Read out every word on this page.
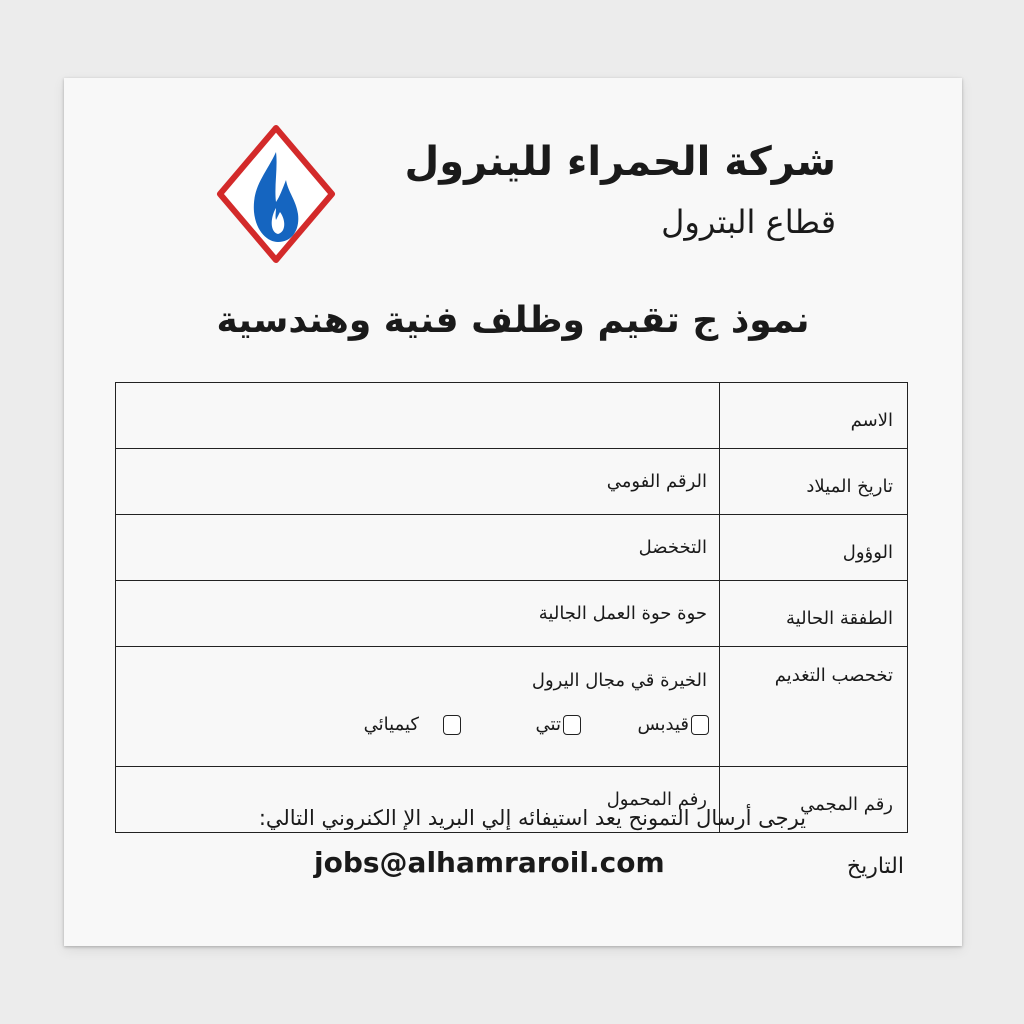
شركة الحمراء للينرول
قطاع البترول
نموذ ج تقيم وظلف فنية وهندسية
الاسم	
تاريخ الميلاد	الرقم الفومي
الوؤول	التخخضل
الطفقة الحالية	حوة حوة العمل الجالية
تخحصب التغديم	الخيرة قي مجال اليرول
قيدبس
تتي
كيميائي

رقم المجمي	رفم المحمول
يرجى أرسال التمونح يعد استيفائه إلي البريد الإ الكنروني التالي:
jobs@alhamraroil.com	التاريخ
